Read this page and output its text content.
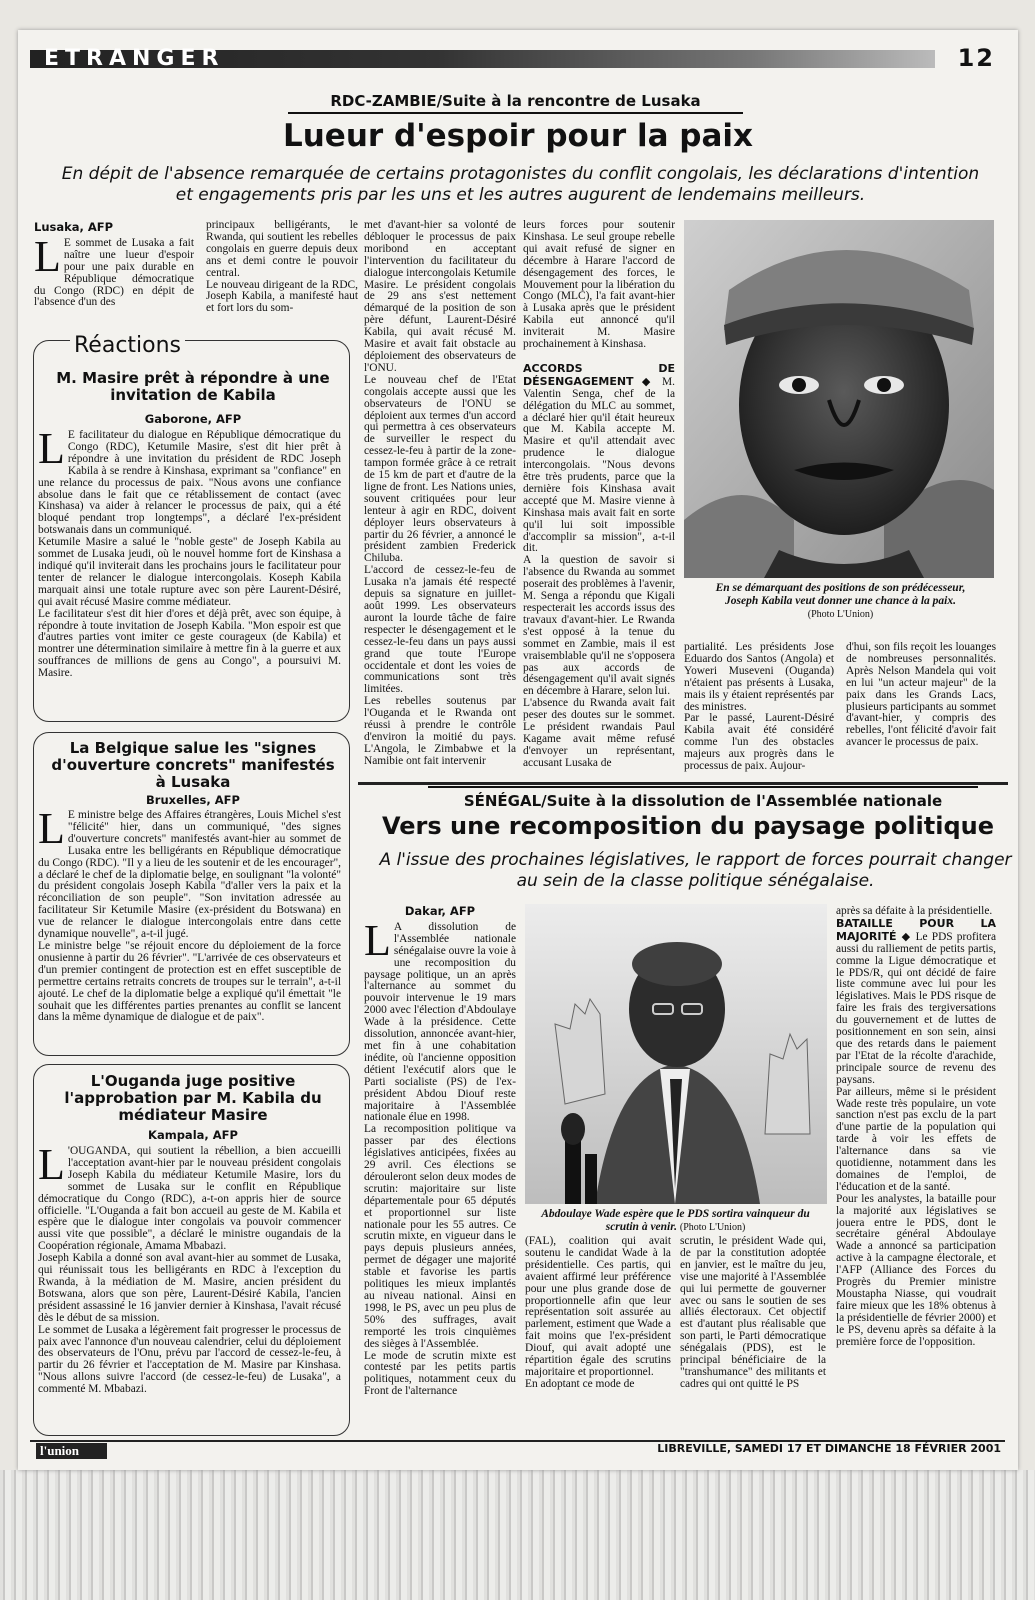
ETRANGER	12
RDC-ZAMBIE/Suite à la rencontre de Lusaka
Lueur d'espoir pour la paix
En dépit de l'absence remarquée de certains protagonistes du conflit congolais, les déclarations d'intention et engagements pris par les uns et les autres augurent de lendemains meilleurs.
Lusaka, AFP

L E sommet de Lusaka a fait naître une lueur d'espoir pour une paix durable en République démocratique du Congo (RDC) en dépit de l'absence d'un des

principaux belligérants, le Rwanda, qui soutient les rebelles congolais en guerre depuis deux ans et demi contre le pouvoir central.
Le nouveau dirigeant de la RDC, Joseph Kabila, a manifesté haut et fort lors du som-
met d'avant-hier sa volonté de débloquer le processus de paix moribond en acceptant l'intervention du facilitateur du dialogue intercongolais Ketumile Masire. Le président congolais de 29 ans s'est nettement démarqué de la position de son père défunt, Laurent-Désiré Kabila, qui avait récusé M. Masire et avait fait obstacle au déploiement des observateurs de l'ONU.
Le nouveau chef de l'Etat congolais accepte aussi que les observateurs de l'ONU se déploient aux termes d'un accord qui permettra à ces observateurs de surveiller le respect du cessez-le-feu à partir de la zone-tampon formée grâce à ce retrait de 15 km de part et d'autre de la ligne de front. Les Nations unies, souvent critiquées pour leur lenteur à agir en RDC, doivent déployer leurs observateurs à partir du 26 février, a annoncé le président zambien Frederick Chiluba.
L'accord de cessez-le-feu de Lusaka n'a jamais été respecté depuis sa signature en juillet-août 1999. Les observateurs auront la lourde tâche de faire respecter le désengagement et le cessez-le-feu dans un pays aussi grand que toute l'Europe occidentale et dont les voies de communications sont très limitées.
Les rebelles soutenus par l'Ouganda et le Rwanda ont réussi à prendre le contrôle d'environ la moitié du pays. L'Angola, le Zimbabwe et la Namibie ont fait intervenir
leurs forces pour soutenir Kinshasa. Le seul groupe rebelle qui avait refusé de signer en décembre à Harare l'accord de désengagement des forces, le Mouvement pour la libération du Congo (MLC), l'a fait avant-hier à Lusaka après que le président Kabila eut annoncé qu'il inviterait M. Masire prochainement à Kinshasa.

ACCORDS DE DÉSENGAGEMENT ◆ M. Valentin Senga, chef de la délégation du MLC au sommet, a déclaré hier qu'il était heureux que M. Kabila accepte M. Masire et qu'il attendait avec prudence le dialogue intercongolais. "Nous devons être très prudents, parce que la dernière fois Kinshasa avait accepté que M. Masire vienne à Kinshasa mais avait fait en sorte qu'il lui soit impossible d'accomplir sa mission", a-t-il dit.
A la question de savoir si l'absence du Rwanda au sommet poserait des problèmes à l'avenir, M. Senga a répondu que Kigali respecterait les accords issus des travaux d'avant-hier. Le Rwanda s'est opposé à la tenue du sommet en Zambie, mais il est vraisemblable qu'il ne s'opposera pas aux accords de désengagement qu'il avait signés en décembre à Harare, selon lui.
L'absence du Rwanda avait fait peser des doutes sur le sommet. Le président rwandais Paul Kagame avait même refusé d'envoyer un représentant, accusant Lusaka de
En se démarquant des positions de son prédécesseur, Joseph Kabila veut donner une chance à la paix.
(Photo L'Union)
partialité. Les présidents Jose Eduardo dos Santos (Angola) et Yoweri Museveni (Ouganda) n'étaient pas présents à Lusaka, mais ils y étaient représentés par des ministres.
Par le passé, Laurent-Désiré Kabila avait été considéré comme l'un des obstacles majeurs aux progrès dans le processus de paix. Aujour-
d'hui, son fils reçoit les louanges de nombreuses personnalités. Après Nelson Mandela qui voit en lui "un acteur majeur" de la paix dans les Grands Lacs, plusieurs participants au sommet d'avant-hier, y compris des rebelles, l'ont félicité d'avoir fait avancer le processus de paix.
Réactions
M. Masire prêt à répondre à une invitation de Kabila
Gaborone, AFP

L E facilitateur du dialogue en République démocratique du Congo (RDC), Ketumile Masire, s'est dit hier prêt à répondre à une invitation du président de RDC Joseph Kabila à se rendre à Kinshasa, exprimant sa "confiance" en une relance du processus de paix. "Nous avons une confiance absolue dans le fait que ce rétablissement de contact (avec Kinshasa) va aider à relancer le processus de paix, qui a été bloqué pendant trop longtemps", a déclaré l'ex-président botswanais dans un communiqué.
Ketumile Masire a salué le "noble geste" de Joseph Kabila au sommet de Lusaka jeudi, où le nouvel homme fort de Kinshasa a indiqué qu'il inviterait dans les prochains jours le facilitateur pour tenter de relancer le dialogue intercongolais. Koseph Kabila marquait ainsi une totale rupture avec son père Laurent-Désiré, qui avait récusé Masire comme médiateur.
Le facilitateur s'est dit hier d'ores et déjà prêt, avec son équipe, à répondre à toute invitation de Joseph Kabila. "Mon espoir est que d'autres parties vont imiter ce geste courageux (de Kabila) et montrer une détermination similaire à mettre fin à la guerre et aux souffrances de millions de gens au Congo", a poursuivi M. Masire.

La Belgique salue les "signes d'ouverture concrets" manifestés à Lusaka
Bruxelles, AFP

L E ministre belge des Affaires étrangères, Louis Michel s'est "félicité" hier, dans un communiqué, "des signes d'ouverture concrets" manifestés avant-hier au sommet de Lusaka entre les belligérants en République démocratique du Congo (RDC). "Il y a lieu de les soutenir et de les encourager", a déclaré le chef de la diplomatie belge, en soulignant "la volonté" du président congolais Joseph Kabila "d'aller vers la paix et la réconciliation de son peuple". "Son invitation adressée au facilitateur Sir Ketumile Masire (ex-président du Botswana) en vue de relancer le dialogue intercongolais entre dans cette dynamique nouvelle", a-t-il jugé.
Le ministre belge "se réjouit encore du déploiement de la force onusienne à partir du 26 février". "L'arrivée de ces observateurs et d'un premier contingent de protection est en effet susceptible de permettre certains retraits concrets de troupes sur le terrain", a-t-il ajouté. Le chef de la diplomatie belge a expliqué qu'il émettait "le souhait que les différentes parties prenantes au conflit se lancent dans la même dynamique de dialogue et de paix".

L'Ouganda juge positive l'approbation par M. Kabila du médiateur Masire
Kampala, AFP

L 'OUGANDA, qui soutient la rébellion, a bien accueilli l'acceptation avant-hier par le nouveau président congolais Joseph Kabila du médiateur Ketumile Masire, lors du sommet de Lusaka sur le conflit en République démocratique du Congo (RDC), a-t-on appris hier de source officielle. "L'Ouganda a fait bon accueil au geste de M. Kabila et espère que le dialogue inter congolais va pouvoir commencer aussi vite que possible", a déclaré le ministre ougandais de la Coopération régionale, Amama Mbabazi.
Joseph Kabila a donné son aval avant-hier au sommet de Lusaka, qui réunissait tous les belligérants en RDC à l'exception du Rwanda, à la médiation de M. Masire, ancien président du Botswana, alors que son père, Laurent-Désiré Kabila, l'ancien président assassiné le 16 janvier dernier à Kinshasa, l'avait récusé dès le début de sa mission.
Le sommet de Lusaka a légèrement fait progresser le processus de paix avec l'annonce d'un nouveau calendrier, celui du déploiement des observateurs de l'Onu, prévu par l'accord de cessez-le-feu, à partir du 26 février et l'acceptation de M. Masire par Kinshasa. "Nous allons suivre l'accord (de cessez-le-feu) de Lusaka", a commenté M. Mbabazi.

SÉNÉGAL/Suite à la dissolution de l'Assemblée nationale
Vers une recomposition du paysage politique
A l'issue des prochaines législatives, le rapport de forces pourrait changer au sein de la classe politique sénégalaise.
Dakar, AFP

L A dissolution de l'Assemblée nationale sénégalaise ouvre la voie à une recomposition du paysage politique, un an après l'alternance au sommet du pouvoir intervenue le 19 mars 2000 avec l'élection d'Abdoulaye Wade à la présidence. Cette dissolution, annoncée avant-hier, met fin à une cohabitation inédite, où l'ancienne opposition détient l'exécutif alors que le Parti socialiste (PS) de l'ex-président Abdou Diouf reste majoritaire à l'Assemblée nationale élue en 1998.
La recomposition politique va passer par des élections législatives anticipées, fixées au 29 avril. Ces élections se dérouleront selon deux modes de scrutin: majoritaire sur liste départementale pour 65 députés et proportionnel sur liste nationale pour les 55 autres. Ce scrutin mixte, en vigueur dans le pays depuis plusieurs années, permet de dégager une majorité stable et favorise les partis politiques les mieux implantés au niveau national. Ainsi en 1998, le PS, avec un peu plus de 50% des suffrages, avait remporté les trois cinquièmes des sièges à l'Assemblée.
Le mode de scrutin mixte est contesté par les petits partis politiques, notamment ceux du Front de l'alternance

Abdoulaye Wade espère que le PDS sortira vainqueur du scrutin à venir. (Photo L'Union)
(FAL), coalition qui avait soutenu le candidat Wade à la présidentielle. Ces partis, qui avaient affirmé leur préférence pour une plus grande dose de proportionnelle afin que leur représentation soit assurée au parlement, estiment que Wade a fait moins que l'ex-président Diouf, qui avait adopté une répartition égale des scrutins majoritaire et proportionnel.
En adoptant ce mode de
scrutin, le président Wade qui, de par la constitution adoptée en janvier, est le maître du jeu, vise une majorité à l'Assemblée qui lui permette de gouverner avec ou sans le soutien de ses alliés électoraux. Cet objectif est d'autant plus réalisable que son parti, le Parti démocratique sénégalais (PDS), est le principal bénéficiaire de la "transhumance" des militants et cadres qui ont quitté le PS
après sa défaite à la présidentielle.
BATAILLE POUR LA MAJORITÉ ◆ Le PDS profitera aussi du ralliement de petits partis, comme la Ligue démocratique et le PDS/R, qui ont décidé de faire liste commune avec lui pour les législatives. Mais le PDS risque de faire les frais des tergiversations du gouvernement et de luttes de positionnement en son sein, ainsi que des retards dans le paiement par l'Etat de la récolte d'arachide, principale source de revenu des paysans.
Par ailleurs, même si le président Wade reste très populaire, un vote sanction n'est pas exclu de la part d'une partie de la population qui tarde à voir les effets de l'alternance dans sa vie quotidienne, notamment dans les domaines de l'emploi, de l'éducation et de la santé.
Pour les analystes, la bataille pour la majorité aux législatives se jouera entre le PDS, dont le secrétaire général Abdoulaye Wade a annoncé sa participation active à la campagne électorale, et l'AFP (Alliance des Forces du Progrès du Premier ministre Moustapha Niasse, qui voudrait faire mieux que les 18% obtenus à la présidentielle de février 2000) et le PS, devenu après sa défaite à la première force de l'opposition.
l'union	LIBREVILLE, SAMEDI 17 ET DIMANCHE 18 FÉVRIER 2001
